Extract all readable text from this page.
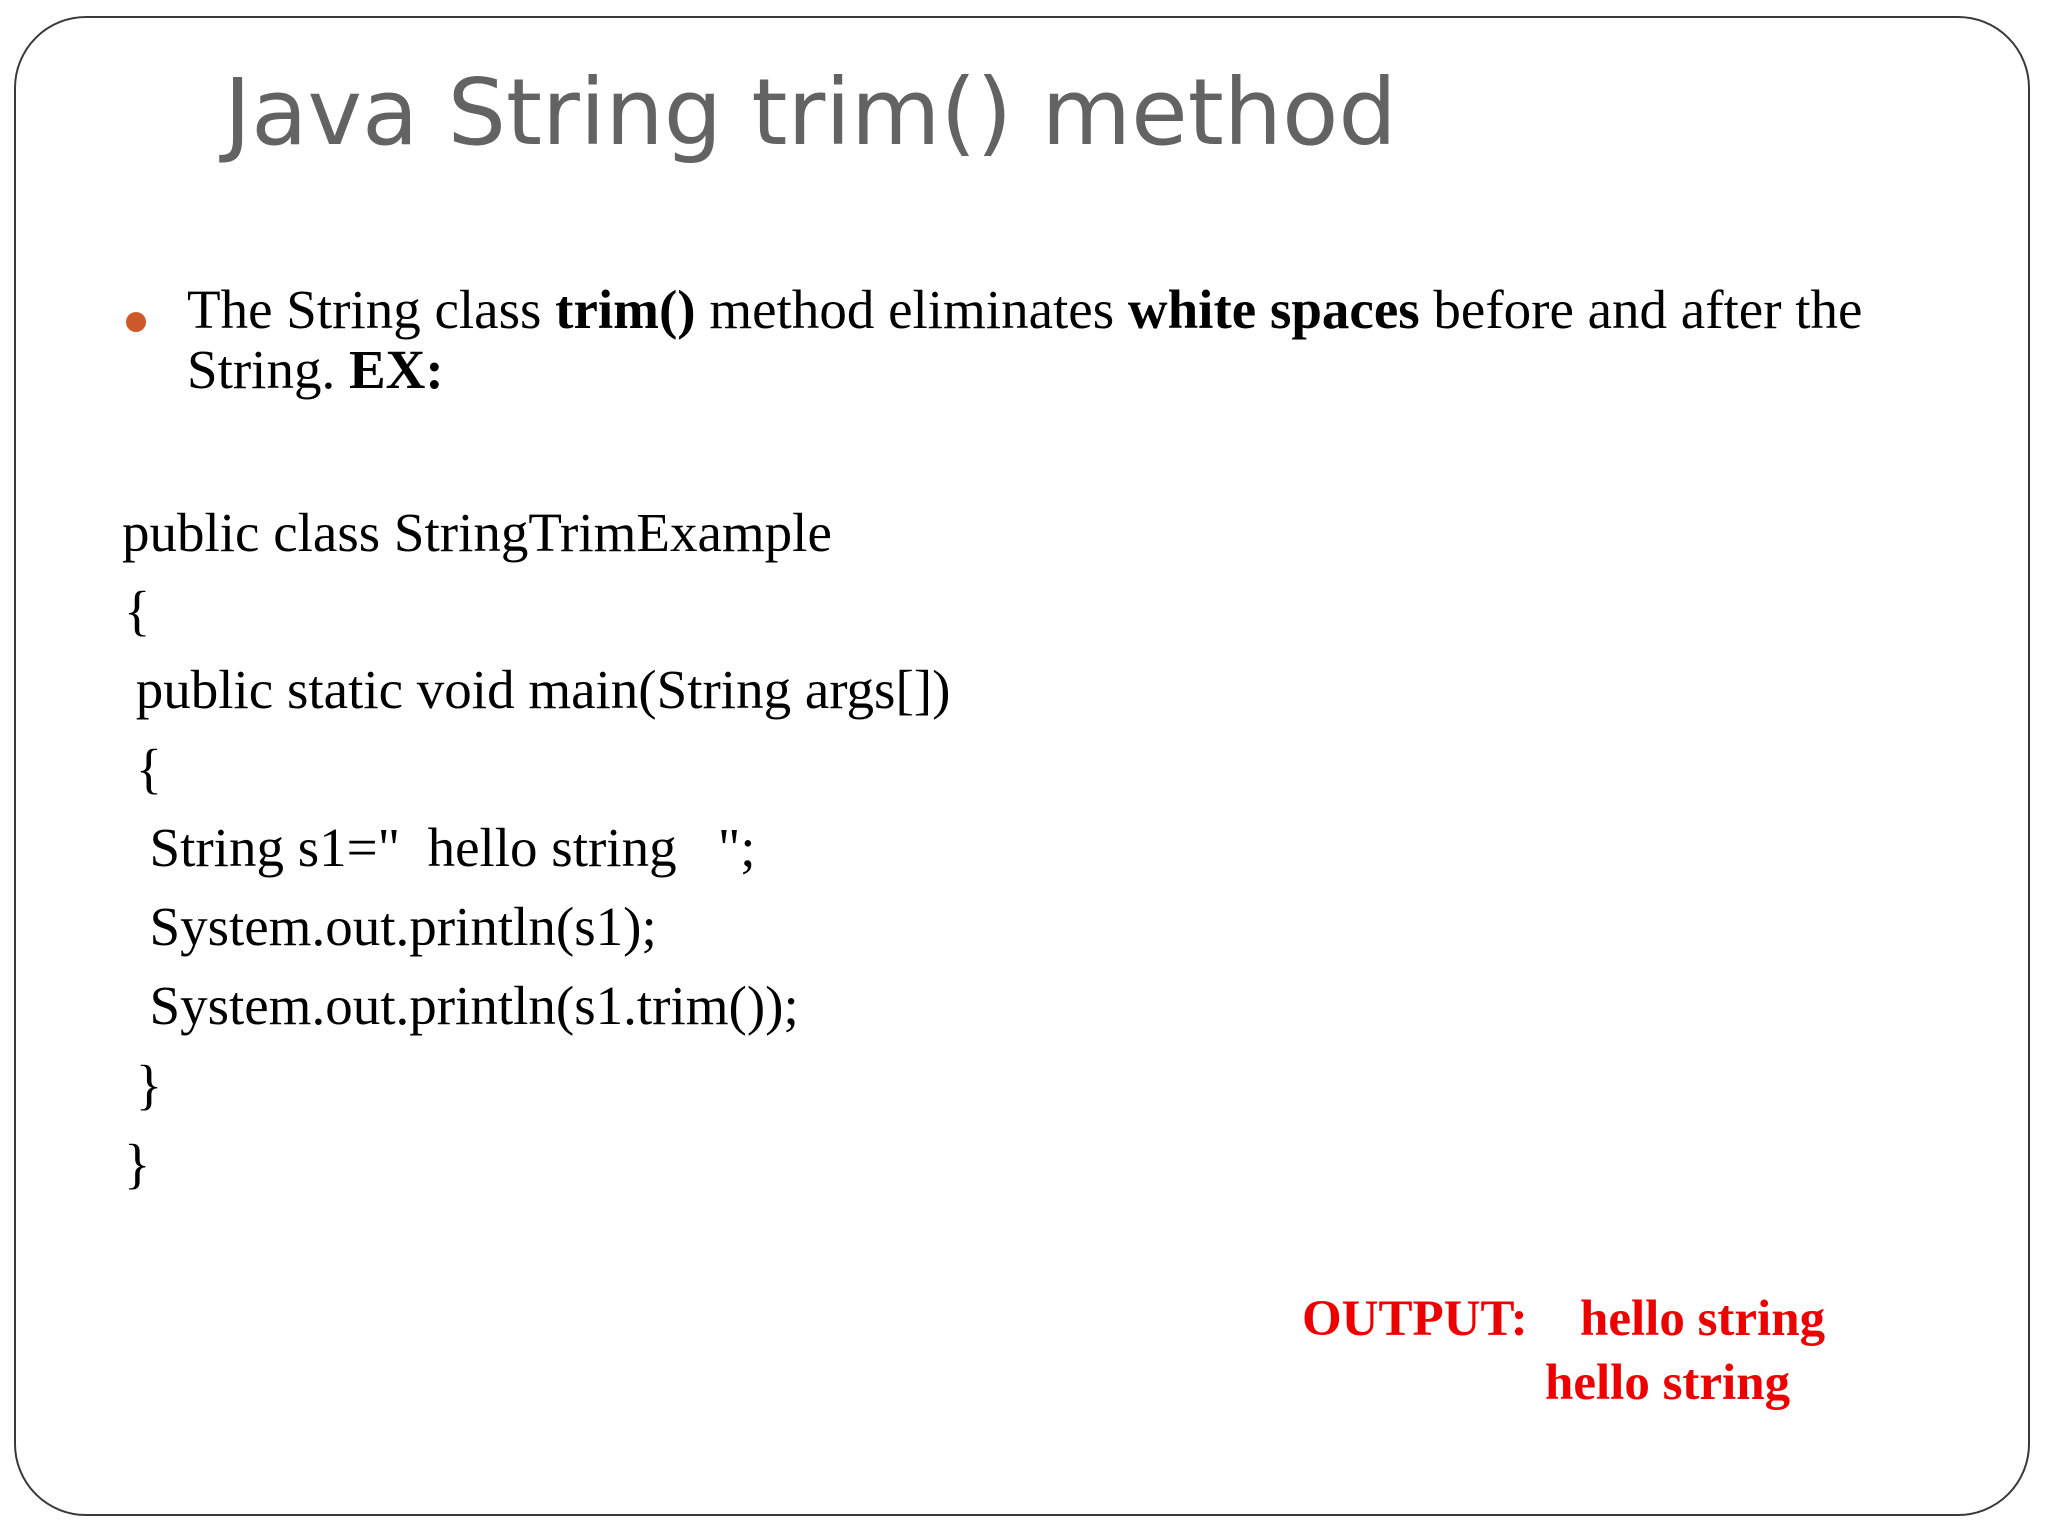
Java String trim() method
The String class trim() method eliminates white spaces before and after the String. EX:
public class StringTrimExample
{
public static void main(String args[])
{
String s1="  hello string   ";
System.out.println(s1);
System.out.println(s1.trim());
}
}
OUTPUT: hello string
hello string
